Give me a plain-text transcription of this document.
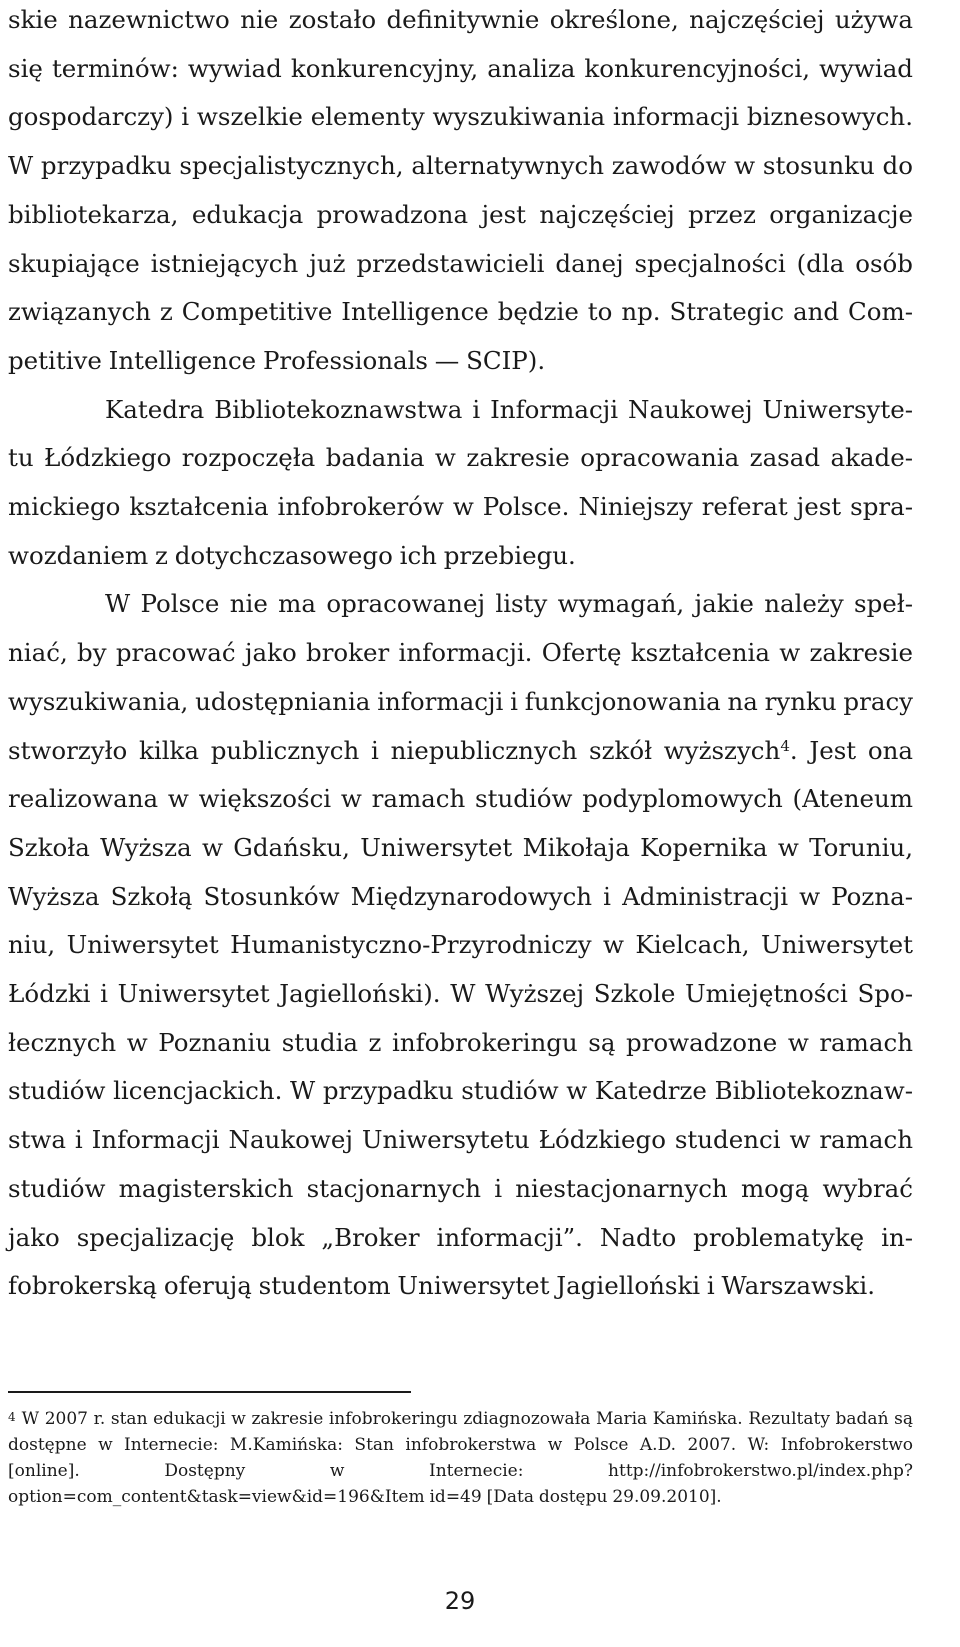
skie nazewnictwo nie zostało definitywnie określone, najczęściej używa się terminów: wywiad konkurencyjny, analiza konkurencyjności, wywiad gospodarczy) i wszelkie elementy wyszukiwania informacji biznesowych. W przypadku specjalistycznych, alternatywnych zawodów w stosunku do bibliotekarza, edukacja prowadzona jest najczęściej przez organizacje skupiające istniejących już przedstawicieli danej specjalności (dla osób związanych z Competitive Intelligence będzie to np. Strategic and Competitive Intelligence Professionals — SCIP).

Katedra Bibliotekoznawstwa i Informacji Naukowej Uniwersytetu Łódzkiego rozpoczęła badania w zakresie opracowania zasad akademickiego kształcenia infobrokerów w Polsce. Niniejszy referat jest sprawozdaniem z dotychczasowego ich przebiegu.

W Polsce nie ma opracowanej listy wymagań, jakie należy spełniać, by pracować jako broker informacji. Ofertę kształcenia w zakresie wyszukiwania, udostępniania informacji i funkcjonowania na rynku pracy stworzyło kilka publicznych i niepublicznych szkół wyższych$^4$. Jest ona realizowana w większości w ramach studiów podyplomowych (Ateneum Szkoła Wyższa w Gdańsku, Uniwersytet Mikołaja Kopernika w Toruniu, Wyższa Szkołą Stosunków Międzynarodowych i Administracji w Poznaniu, Uniwersytet Humanistyczno-Przyrodniczy w Kielcach, Uniwersytet Łódzki i Uniwersytet Jagielloński). W Wyższej Szkole Umiejętności Społecznych w Poznaniu studia z infobrokeringu są prowadzone w ramach studiów licencjackich. W przypadku studiów w Katedrze Bibliotekoznawstwa i Informacji Naukowej Uniwersytetu Łódzkiego studenci w ramach studiów magisterskich stacjonarnych i niestacjonarnych mogą wybrać jako specjalizację blok „Broker informacji”. Nadto problematykę infobrokerską oferują studentom Uniwersytet Jagielloński i Warszawski.

4 W 2007 r. stan edukacji w zakresie infobrokeringu zdiagnozowała Maria Kamińska. Rezultaty badań są dostępne w Internecie: M.Kamińska: Stan infobrokerstwa w Polsce A.D. 2007. W: Infobrokerstwo [online]. Dostępny w Internecie: http://infobrokerstwo.pl/index.php?option=com_content&task=view&id=196&Item id=49 [Data dostępu 29.09.2010].

29
